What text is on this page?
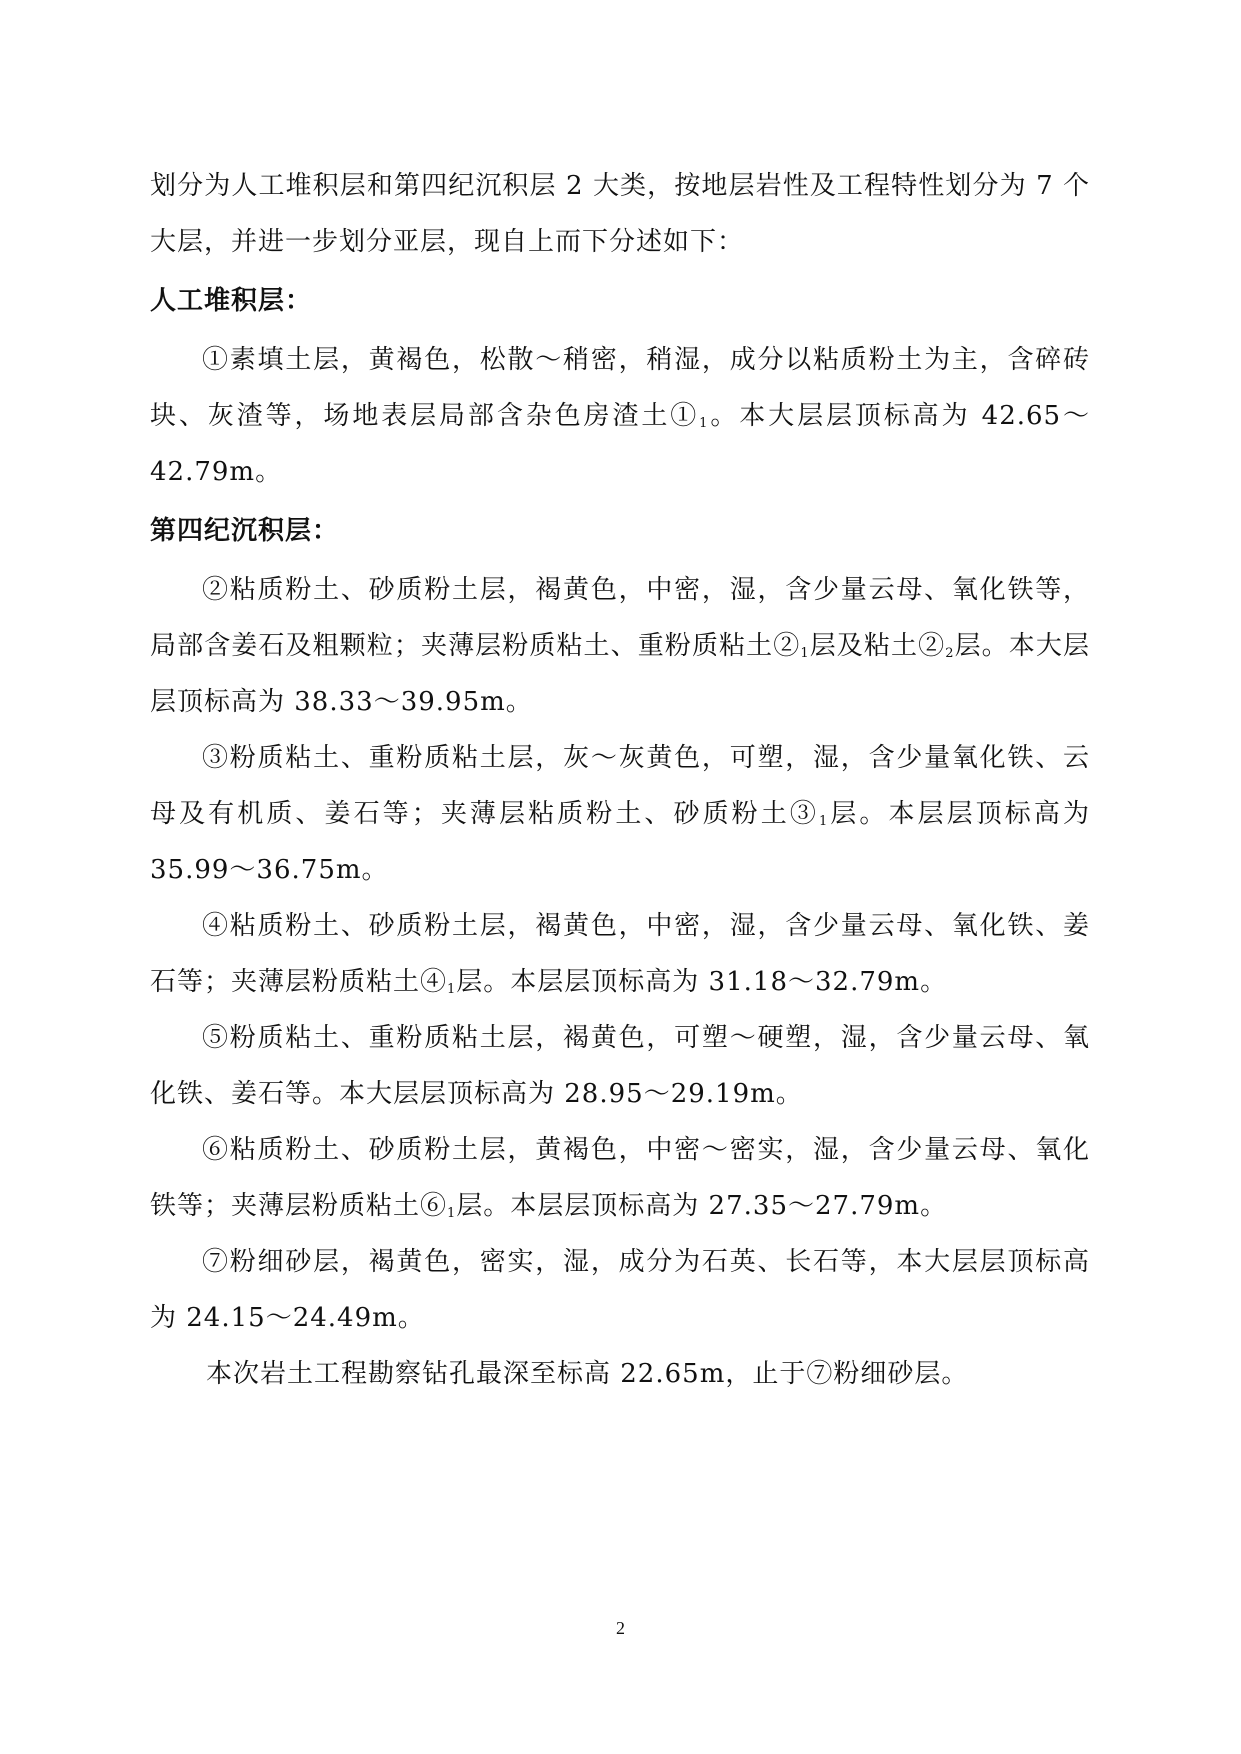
划分为人工堆积层和第四纪沉积层 2 大类，按地层岩性及工程特性划分为 7 个大层，并进一步划分亚层，现自上而下分述如下：

人工堆积层：

①素填土层，黄褐色，松散～稍密，稍湿，成分以粘质粉土为主，含碎砖块、灰渣等，场地表层局部含杂色房渣土$①_1$。本大层层顶标高为 42.65～42.79m。

第四纪沉积层：

②粘质粉土、砂质粉土层，褐黄色，中密，湿，含少量云母、氧化铁等，局部含姜石及粗颗粒；夹薄层粉质粘土、重粉质粘土$②_1$层及粘土$②_2$层。本大层层顶标高为 38.33～39.95m。

③粉质粘土、重粉质粘土层，灰～灰黄色，可塑，湿，含少量氧化铁、云母及有机质、姜石等；夹薄层粘质粉土、砂质粉土$③_1$层。本层层顶标高为 35.99～36.75m。

④粘质粉土、砂质粉土层，褐黄色，中密，湿，含少量云母、氧化铁、姜石等；夹薄层粉质粘土$④_1$层。本层层顶标高为 31.18～32.79m。

⑤粉质粘土、重粉质粘土层，褐黄色，可塑～硬塑，湿，含少量云母、氧化铁、姜石等。本大层层顶标高为 28.95～29.19m。

⑥粘质粉土、砂质粉土层，黄褐色，中密～密实，湿，含少量云母、氧化铁等；夹薄层粉质粘土$⑥_1$层。本层层顶标高为 27.35～27.79m。

⑦粉细砂层，褐黄色，密实，湿，成分为石英、长石等，本大层层顶标高为 24.15～24.49m。

本次岩土工程勘察钻孔最深至标高 22.65m，止于⑦粉细砂层。

2
